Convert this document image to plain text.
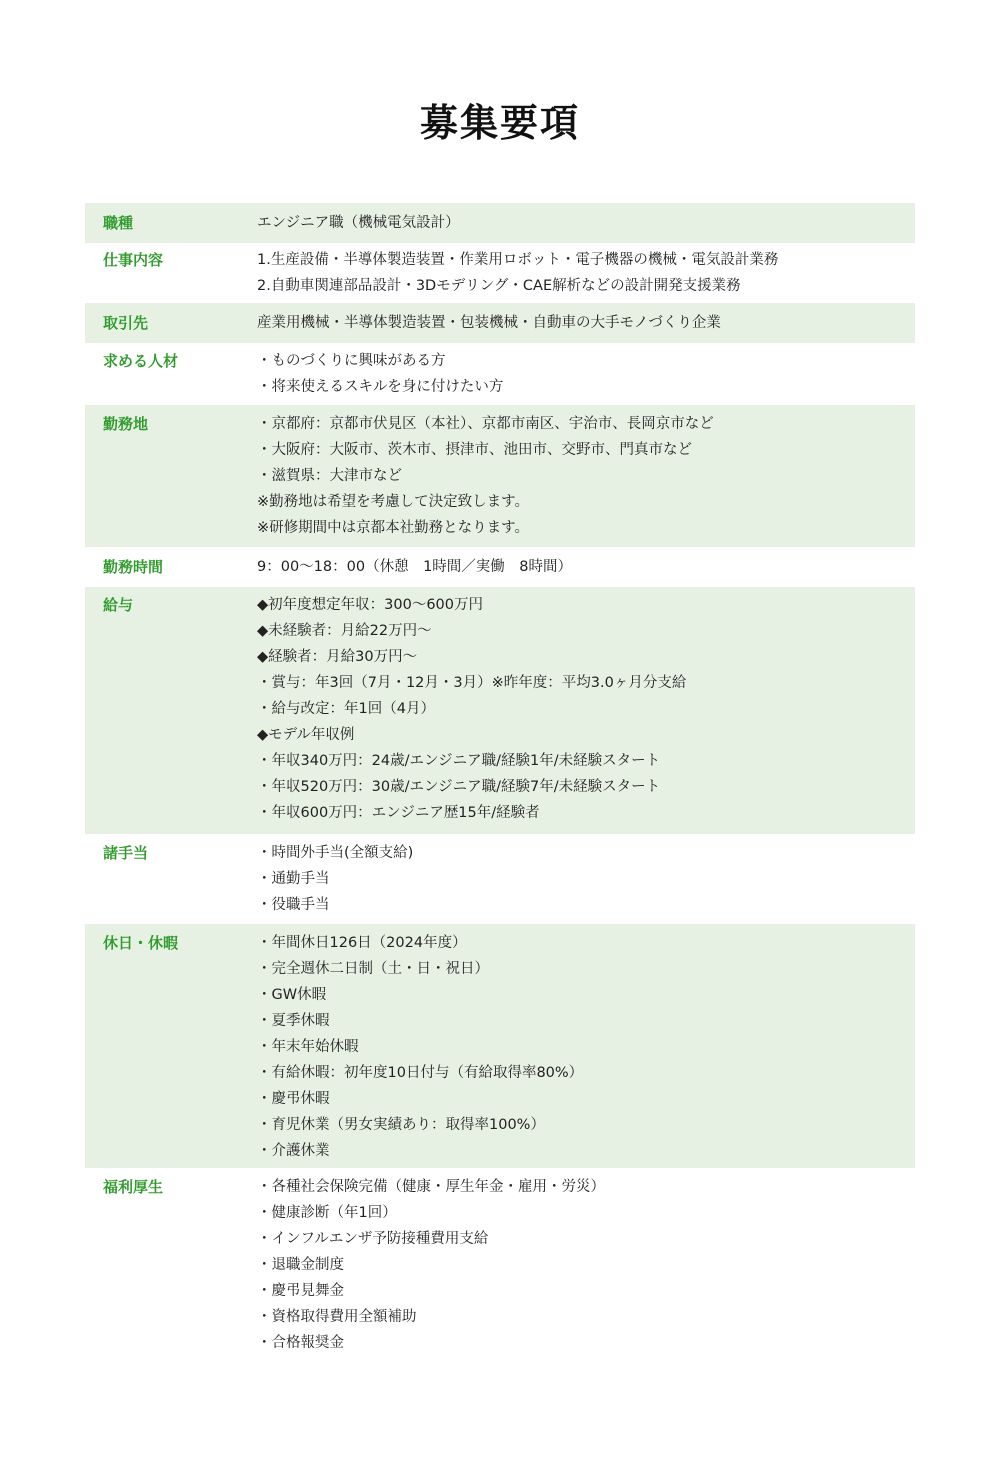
募集要項
職種	エンジニア職（機械電気設計）
仕事内容	1.生産設備・半導体製造装置・作業用ロボット・電子機器の機械・電気設計業務
2.自動車関連部品設計・3Dモデリング・CAE解析などの設計開発支援業務
取引先	産業用機械・半導体製造装置・包装機械・自動車の大手モノづくり企業
求める人材	・ものづくりに興味がある方
・将来使えるスキルを身に付けたい方
勤務地	・京都府：京都市伏見区（本社）、京都市南区、宇治市、長岡京市など
・大阪府：大阪市、茨木市、摂津市、池田市、交野市、門真市など
・滋賀県：大津市など
※勤務地は希望を考慮して決定致します。
※研修期間中は京都本社勤務となります。
勤務時間	9：00～18：00（休憩　1時間／実働　8時間）
給与	◆初年度想定年収：300～600万円
◆未経験者：月給22万円～
◆経験者：月給30万円～
・賞与：年3回（7月・12月・3月）※昨年度：平均3.0ヶ月分支給
・給与改定：年1回（4月）
◆モデル年収例
・年収340万円：24歳/エンジニア職/経験1年/未経験スタート
・年収520万円：30歳/エンジニア職/経験7年/未経験スタート
・年収600万円：エンジニア歴15年/経験者
諸手当	・時間外手当(全額支給)
・通勤手当
・役職手当
休日・休暇	・年間休日126日（2024年度）
・完全週休二日制（土・日・祝日）
・GW休暇
・夏季休暇
・年末年始休暇
・有給休暇：初年度10日付与（有給取得率80%）
・慶弔休暇
・育児休業（男女実績あり：取得率100%）
・介護休業
福利厚生	・各種社会保険完備（健康・厚生年金・雇用・労災）
・健康診断（年1回）
・インフルエンザ予防接種費用支給
・退職金制度
・慶弔見舞金
・資格取得費用全額補助
・合格報奨金
